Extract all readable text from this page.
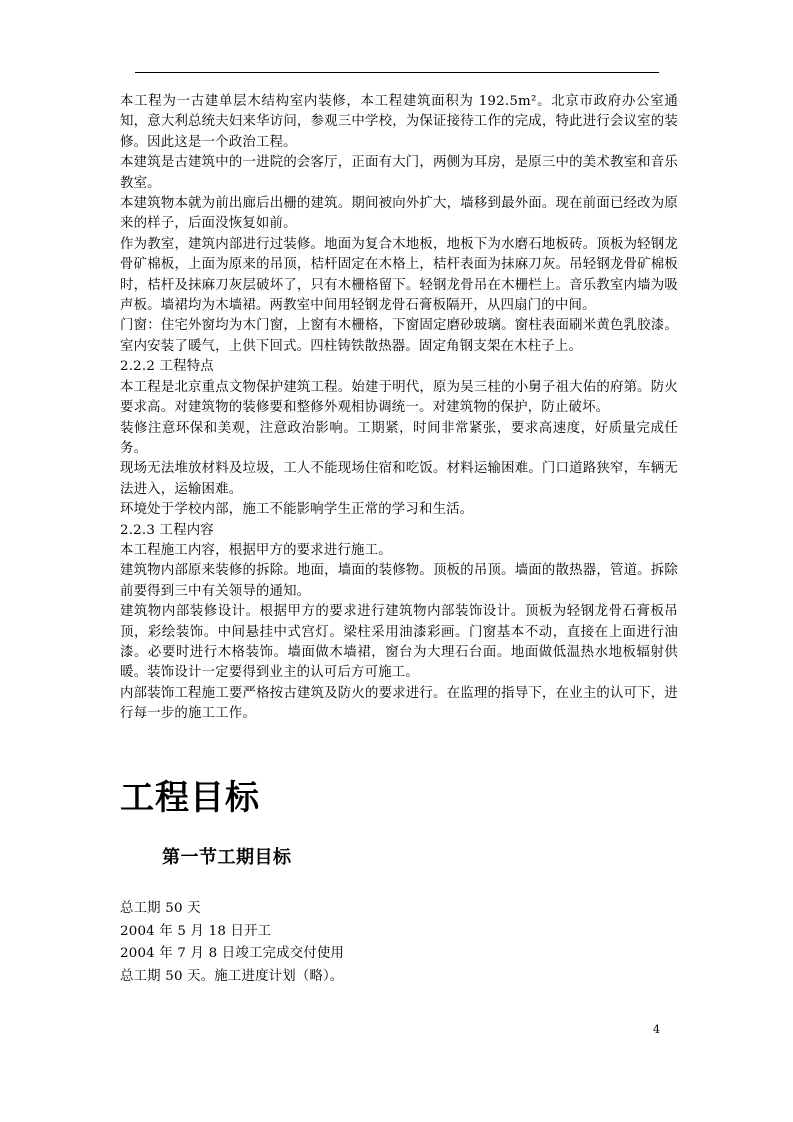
本工程为一古建单层木结构室内装修，本工程建筑面积为 192.5m²。北京市政府办公室通知，意大利总统夫妇来华访问，参观三中学校，为保证接待工作的完成，特此进行会议室的装修。因此这是一个政治工程。

本建筑是古建筑中的一进院的会客厅，正面有大门，两侧为耳房，是原三中的美术教室和音乐教室。

本建筑物本就为前出廊后出栅的建筑。期间被向外扩大，墙移到最外面。现在前面已经改为原来的样子，后面没恢复如前。

作为教室，建筑内部进行过装修。地面为复合木地板，地板下为水磨石地板砖。顶板为轻钢龙骨矿棉板，上面为原来的吊顶，桔杆固定在木格上，桔杆表面为抹麻刀灰。吊轻钢龙骨矿棉板时，桔杆及抹麻刀灰层破坏了，只有木栅格留下。轻钢龙骨吊在木栅栏上。音乐教室内墙为吸声板。墙裙均为木墙裙。两教室中间用轻钢龙骨石膏板隔开，从四扇门的中间。

门窗：住宅外窗均为木门窗，上窗有木栅格，下窗固定磨砂玻璃。窗柱表面刷米黄色乳胶漆。室内安装了暖气，上供下回式。四柱铸铁散热器。固定角钢支架在木柱子上。

2.2.2 工程特点

本工程是北京重点文物保护建筑工程。始建于明代，原为吴三桂的小舅子祖大佑的府第。防火要求高。对建筑物的装修要和整修外观相协调统一。对建筑物的保护，防止破坏。

装修注意环保和美观，注意政治影响。工期紧，时间非常紧张，要求高速度，好质量完成任务。

现场无法堆放材料及垃圾，工人不能现场住宿和吃饭。材料运输困难。门口道路狭窄，车辆无法进入，运输困难。

环境处于学校内部，施工不能影响学生正常的学习和生活。

2.2.3 工程内容

本工程施工内容，根据甲方的要求进行施工。

建筑物内部原来装修的拆除。地面，墙面的装修物。顶板的吊顶。墙面的散热器，管道。拆除前要得到三中有关领导的通知。

建筑物内部装修设计。根据甲方的要求进行建筑物内部装饰设计。顶板为轻钢龙骨石膏板吊顶，彩绘装饰。中间悬挂中式宫灯。梁柱采用油漆彩画。门窗基本不动，直接在上面进行油漆。必要时进行木格装饰。墙面做木墙裙，窗台为大理石台面。地面做低温热水地板辐射供暖。装饰设计一定要得到业主的认可后方可施工。

内部装饰工程施工要严格按古建筑及防火的要求进行。在监理的指导下，在业主的认可下，进行每一步的施工工作。

工程目标
第一节工期目标

总工期 50 天

2004 年 5 月 18 日开工

2004 年 7 月 8 日竣工完成交付使用

总工期 50 天。施工进度计划（略）。

4
